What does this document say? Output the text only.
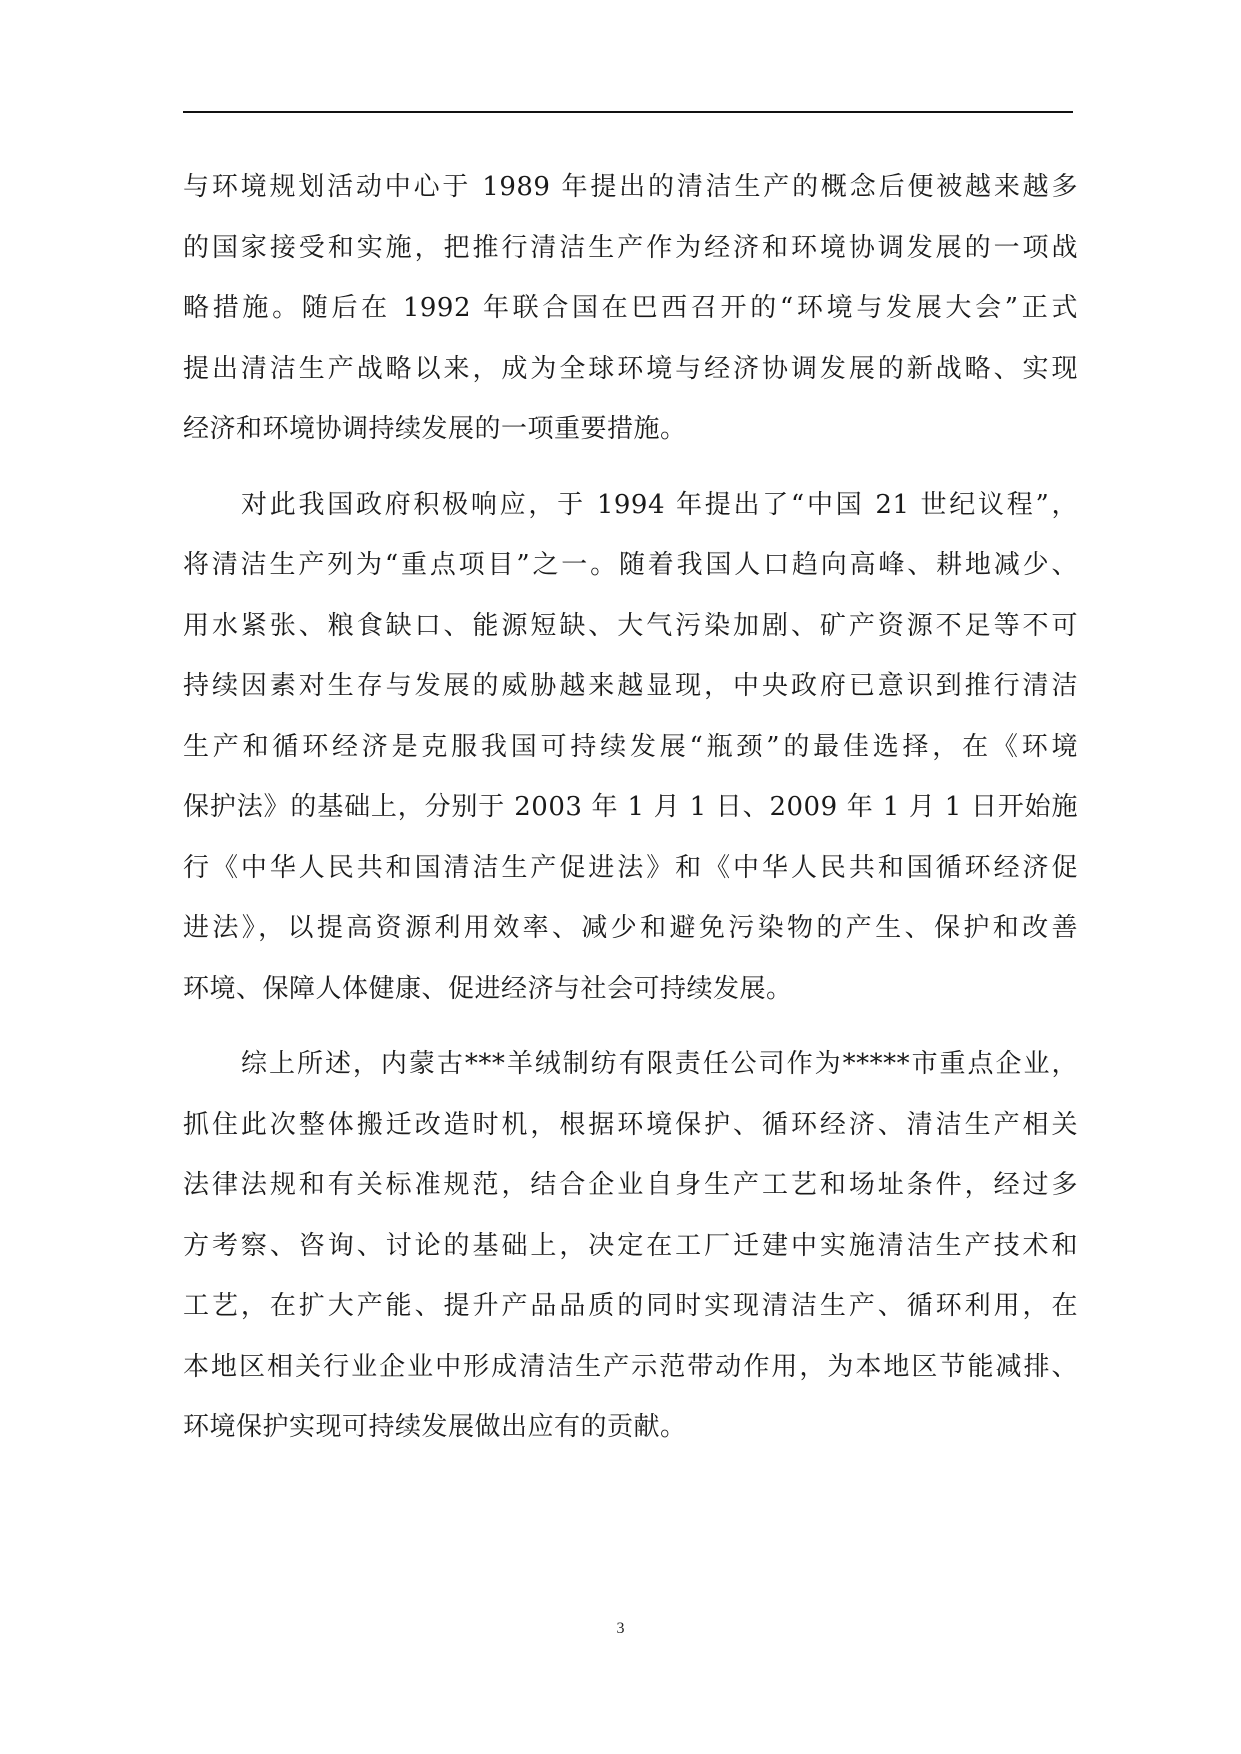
与环境规划活动中心于 1989 年提出的清洁生产的概念后便被越来越多
的国家接受和实施，把推行清洁生产作为经济和环境协调发展的一项战
略措施。随后在 1992 年联合国在巴西召开的“环境与发展大会”正式
提出清洁生产战略以来，成为全球环境与经济协调发展的新战略、实现
经济和环境协调持续发展的一项重要措施。
对此我国政府积极响应，于 1994 年提出了“中国 21 世纪议程”，
将清洁生产列为“重点项目”之一。随着我国人口趋向高峰、耕地减少、
用水紧张、粮食缺口、能源短缺、大气污染加剧、矿产资源不足等不可
持续因素对生存与发展的威胁越来越显现，中央政府已意识到推行清洁
生产和循环经济是克服我国可持续发展“瓶颈”的最佳选择，在《环境
保护法》的基础上，分别于 2003 年 1 月 1 日、2009 年 1 月 1 日开始施
行《中华人民共和国清洁生产促进法》和《中华人民共和国循环经济促
进法》，以提高资源利用效率、减少和避免污染物的产生、保护和改善
环境、保障人体健康、促进经济与社会可持续发展。
综上所述，内蒙古***羊绒制纺有限责任公司作为*****市重点企业，
抓住此次整体搬迁改造时机，根据环境保护、循环经济、清洁生产相关
法律法规和有关标准规范，结合企业自身生产工艺和场址条件，经过多
方考察、咨询、讨论的基础上，决定在工厂迁建中实施清洁生产技术和
工艺，在扩大产能、提升产品品质的同时实现清洁生产、循环利用，在
本地区相关行业企业中形成清洁生产示范带动作用，为本地区节能减排、
环境保护实现可持续发展做出应有的贡献。
3
